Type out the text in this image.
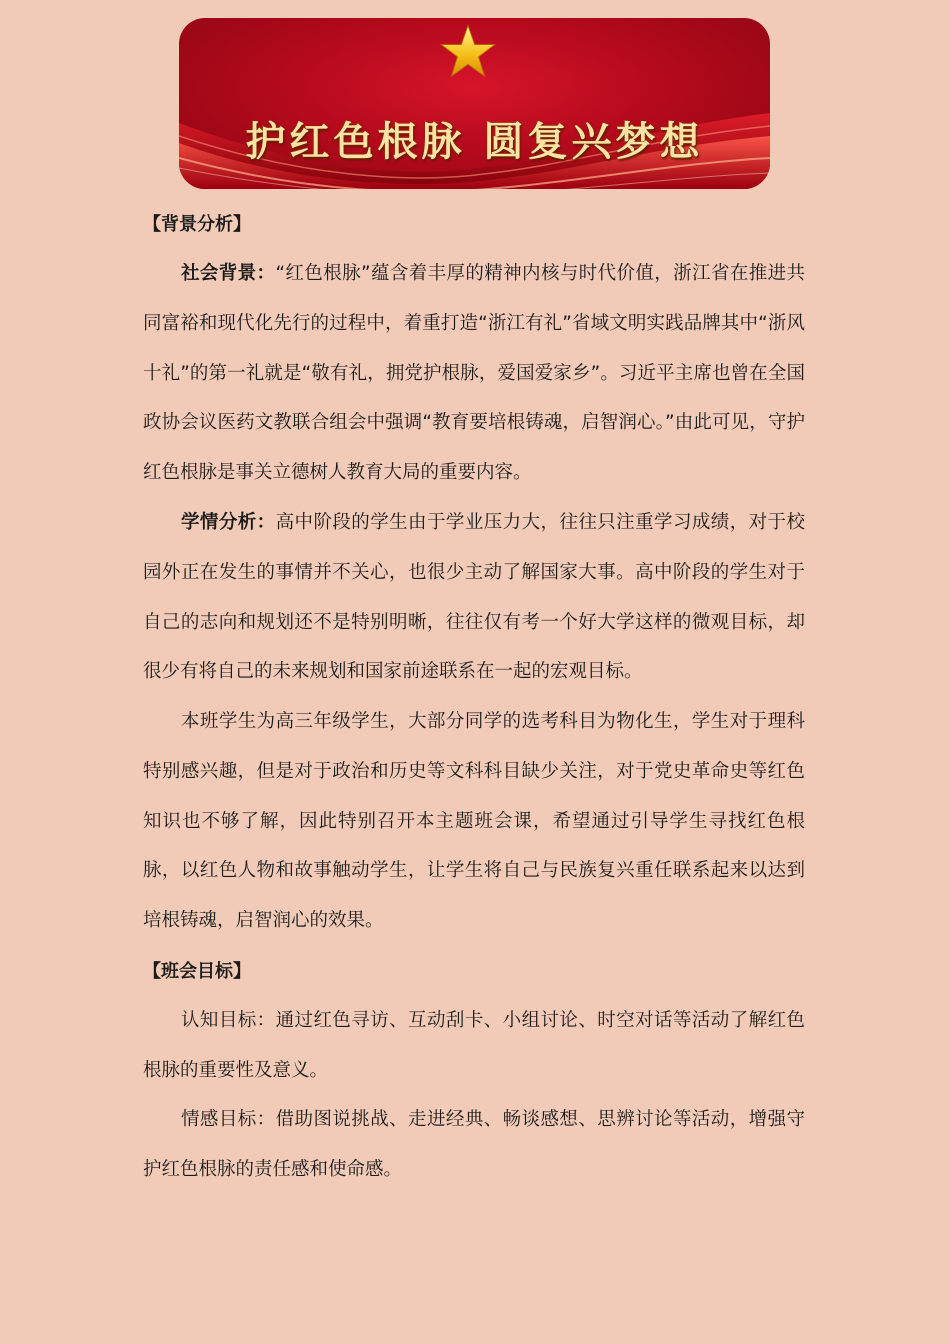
护红色根脉 圆复兴梦想
【背景分析】
社会背景：“红色根脉”蕴含着丰厚的精神内核与时代价值，浙江省在推进共同富裕和现代化先行的过程中，着重打造“浙江有礼”省域文明实践品牌其中“浙风十礼”的第一礼就是“敬有礼，拥党护根脉，爱国爱家乡”。习近平主席也曾在全国政协会议医药文教联合组会中强调“教育要培根铸魂，启智润心。”由此可见，守护红色根脉是事关立德树人教育大局的重要内容。
学情分析：高中阶段的学生由于学业压力大，往往只注重学习成绩，对于校园外正在发生的事情并不关心，也很少主动了解国家大事。高中阶段的学生对于自己的志向和规划还不是特别明晰，往往仅有考一个好大学这样的微观目标，却很少有将自己的未来规划和国家前途联系在一起的宏观目标。
本班学生为高三年级学生，大部分同学的选考科目为物化生，学生对于理科特别感兴趣，但是对于政治和历史等文科科目缺少关注，对于党史革命史等红色知识也不够了解，因此特别召开本主题班会课，希望通过引导学生寻找红色根脉，以红色人物和故事触动学生，让学生将自己与民族复兴重任联系起来以达到培根铸魂，启智润心的效果。
【班会目标】
认知目标：通过红色寻访、互动刮卡、小组讨论、时空对话等活动了解红色根脉的重要性及意义。
情感目标：借助图说挑战、走进经典、畅谈感想、思辨讨论等活动，增强守护红色根脉的责任感和使命感。
